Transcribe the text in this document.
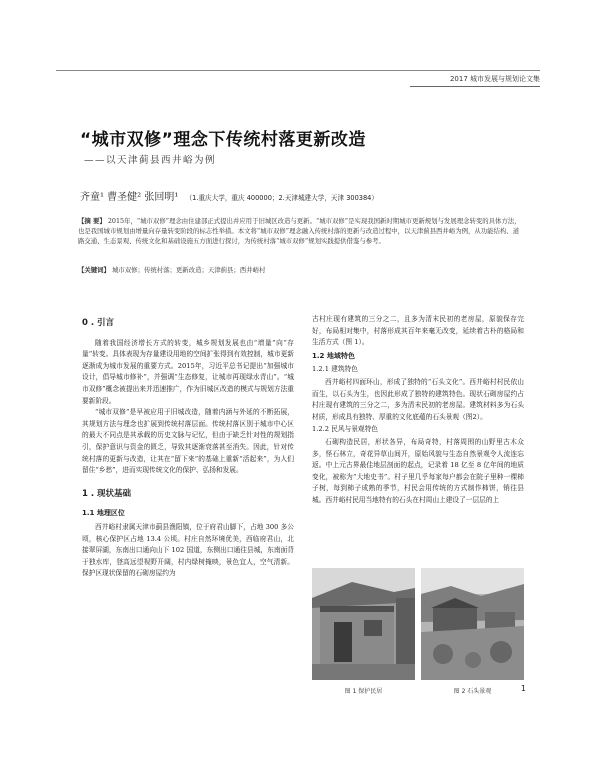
2017 城市发展与规划论文集
“城市双修”理念下传统村落更新改造
——以天津蓟县西井峪为例
齐童¹ 曹圣健² 张回明¹ （1.重庆大学，重庆 400000；2.天津城建大学，天津 300384）
【摘 要】 2015年，“城市双修”理念由住建部正式提出并应用于旧城区改造与更新。“城市双修”是实现我国新时期城市更新规划与发展理念转变的具体方法，也是我国城市规划由增量向存量转变阶段的标志性举措。本文将“城市双修”理念融入传统村落的更新与改造过程中，以天津蓟县西井峪为例，从功能结构、道路交通、生态景观、传统文化和基础设施五方面进行探讨，为传统村落“城市双修”规划实践提供借鉴与参考。
【关键词】 城市双修；传统村落；更新改造；天津蓟县；西井峪村
0 . 引言

随着我国经济增长方式的转变，城乡规划发展也由“增量”向“存量”转变。具体表现为存量建设用地的空间扩张得到有效控制，城市更新逐渐成为城市发展的重要方式。2015年，习近平总书记提出“加强城市设计，倡导城市修补”，并强调“生态修复，让城市再现绿水青山”。“城市双修”概念被提出来并迅速推广，作为旧城区改造的模式与规划方法重要新阶段。

“城市双修”是早被应用于旧城改造，随着内涵与外延的不断拓展，其规划方法与理念也扩展到传统村落层面。传统村落区别于城市中心区的最大不同点是其承载的历史文脉与记忆，但由于缺乏针对性的规划指引，保护意识与资金的匮乏，导致其逐渐衰落甚至消失。因此，针对传统村落的更新与改造，让其在“留下来”的基础上重新“活起来”，为人们留住“乡愁”，进而实现传统文化的保护、弘扬和发展。

1 . 现状基础
1.1 地理区位

西井峪村隶属天津市蓟县渔阳镇，位于府君山脚下，占地 300 多公顷，核心保护区占地 13.4 公顷。村庄自然环境优美，西临府君山，北接翠屏湖，东南出口通向山下 102 国道，东侧出口通往县城，东南面背于独水库，登高远望视野开阔，村内绿树掩映，景色宜人，空气清新。保护区现状保留的石砌房屋约为

古村庄现有建筑的三分之二，且多为清末民初的老房屋，原貌保存完好，布局相对集中，村落形成其百年来毫无改变，延续着古朴的格局和生活方式（图 1）。

1.2 地域特色
1.2.1 建筑特色

西井峪村四面环山，形成了独特的“石头文化”。西井峪村村民依山而生，以石头为生，也因此形成了独特的建筑特色。现状石砌房屋约占村庄现有建筑的三分之二，多为清末民初的老房屋。建筑材料多为石头材质，形成具有独特、厚重的文化底蕴的石头景观（图2）。

1.2.2 民风与景观特色

石砌构造民居，形状各异，布局奇特，村落周围的山野里古木众多，怪石林立，奇花异草山间开，原始风貌与生态自然景观令人流连忘返。中上元古界最佳地层剖面的起点，记录着 18 亿至 8 亿年间的地质变化，被称为“大地史书”。村子里几乎每家每户都会在院子里种一棵柿子树，每到柿子成熟的季节，村民会用传统的方式制作柿饼，销往县城。西井峪村民用当地特有的石头在村周山上建设了一层层的上

图 1 保护民居	图 2 石头景观	1
